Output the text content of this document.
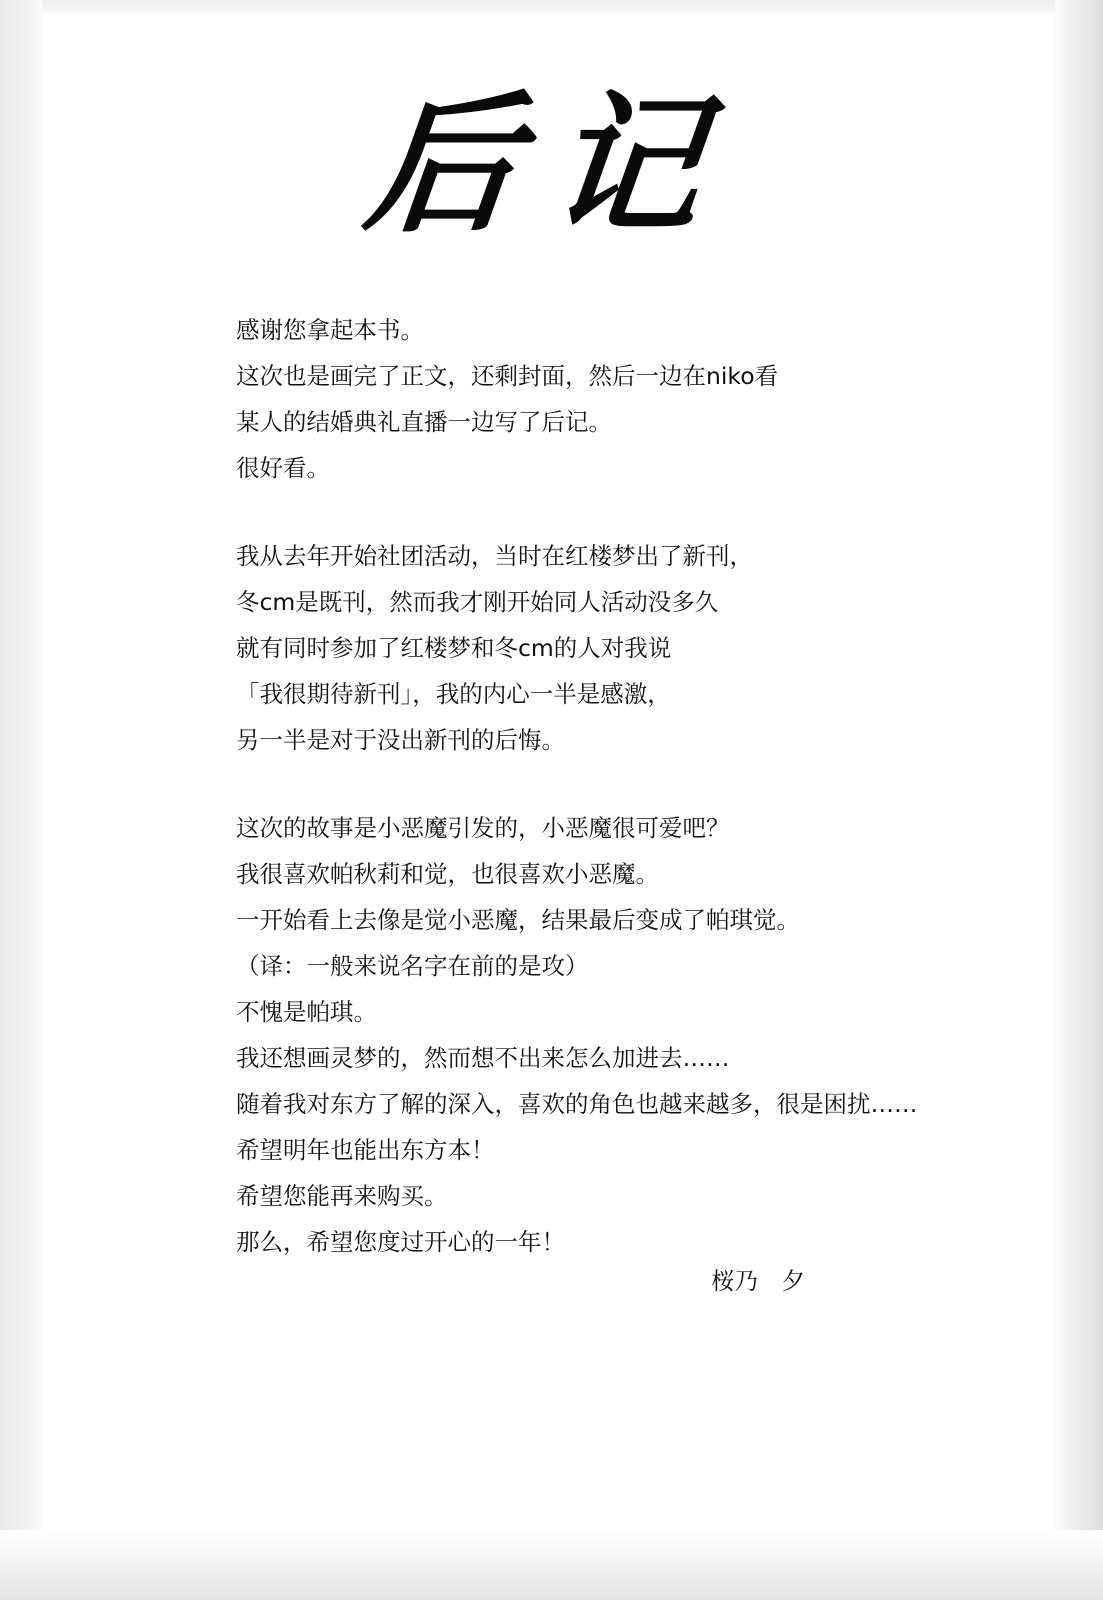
后记
感谢您拿起本书。
这次也是画完了正文，还剩封面，然后一边在niko看
某人的结婚典礼直播一边写了后记。
很好看。
我从去年开始社团活动，当时在红楼梦出了新刊，
冬cm是既刊，然而我才刚开始同人活动没多久
就有同时参加了红楼梦和冬cm的人对我说
「我很期待新刊」，我的内心一半是感激，
另一半是对于没出新刊的后悔。
这次的故事是小恶魔引发的，小恶魔很可爱吧？
我很喜欢帕秋莉和觉，也很喜欢小恶魔。
一开始看上去像是觉小恶魔，结果最后变成了帕琪觉。
（译：一般来说名字在前的是攻）
不愧是帕琪。
我还想画灵梦的，然而想不出来怎么加进去……
随着我对东方了解的深入，喜欢的角色也越来越多，很是困扰……
希望明年也能出东方本！
希望您能再来购买。
那么，希望您度过开心的一年！
桜乃　夕
